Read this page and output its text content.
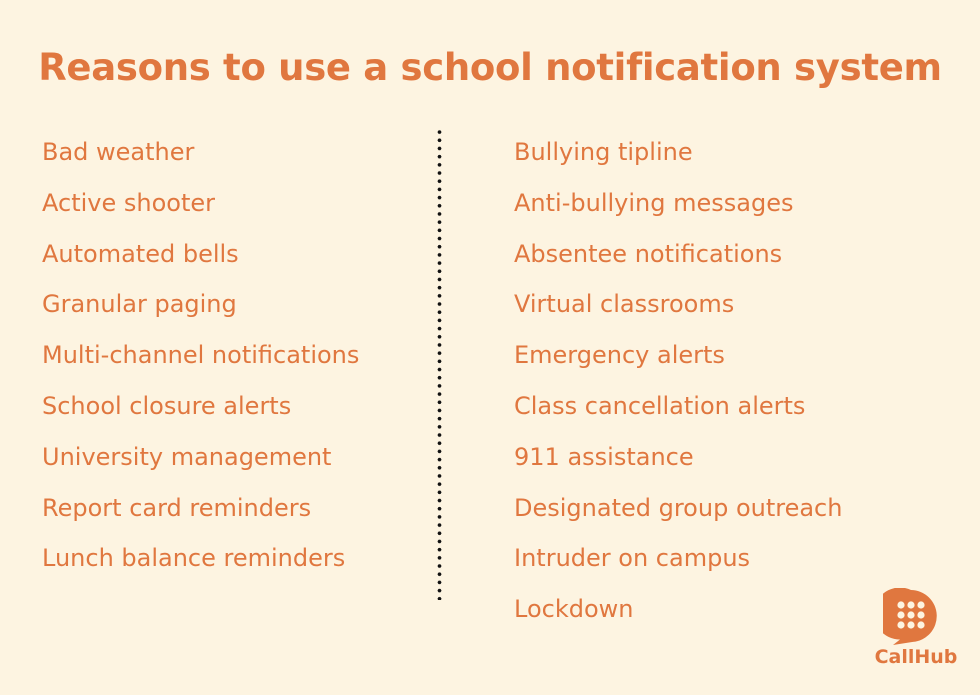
Reasons to use a school notification system
Bad weather
Active shooter
Automated bells
Granular paging
Multi-channel notifications
School closure alerts
University management
Report card reminders
Lunch balance reminders
Bullying tipline
Anti-bullying messages
Absentee notifications
Virtual classrooms
Emergency alerts
Class cancellation alerts
911 assistance
Designated group outreach
Intruder on campus
Lockdown
CallHub
